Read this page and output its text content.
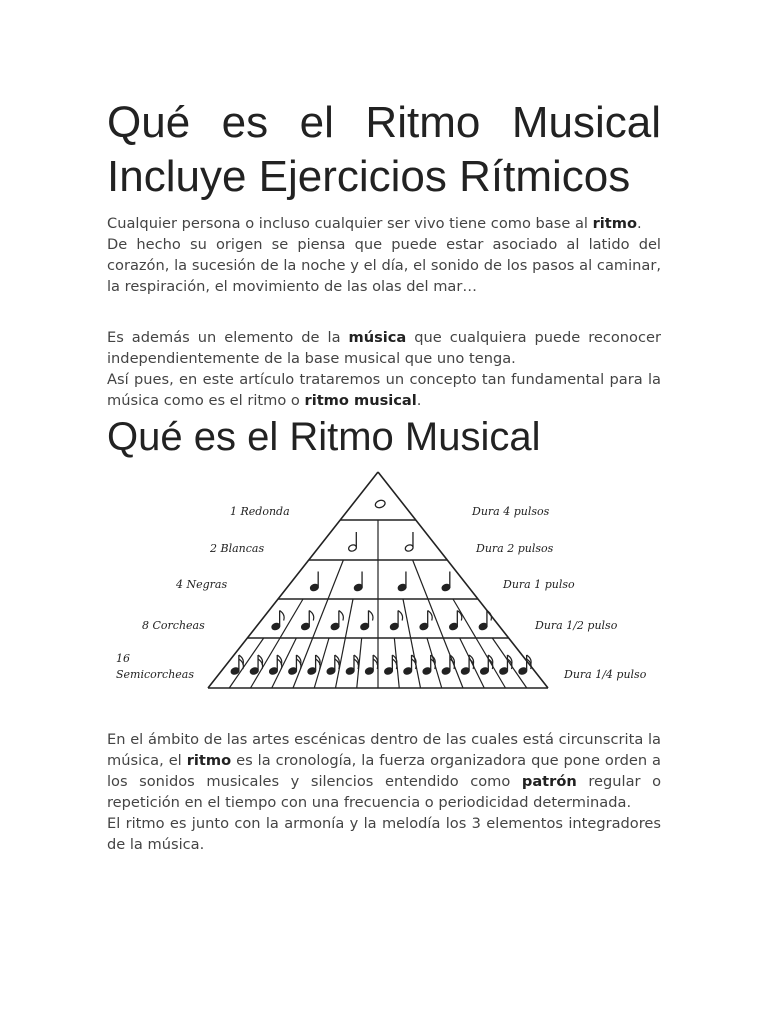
Qué es el Ritmo Musical
Incluye Ejercicios Rítmicos

Cualquier persona o incluso cualquier ser vivo tiene como base al ritmo.
De hecho su origen se piensa que puede estar asociado al latido del corazón, la sucesión de la noche y el día, el sonido de los pasos al caminar, la respiración, el movimiento de las olas del mar…

Es además un elemento de la música que cualquiera puede reconocer independientemente de la base musical que uno tenga.
Así pues, en este artículo trataremos un concepto tan fundamental para la música como es el ritmo o ritmo musical.

Qué es el Ritmo Musical

En el ámbito de las artes escénicas dentro de las cuales está circunscrita la música, el ritmo es la cronología, la fuerza organizadora que pone orden a los sonidos musicales y silencios entendido como patrón regular o repetición en el tiempo con una frecuencia o periodicidad determinada.
El ritmo es junto con la armonía y la melodía los 3 elementos integradores de la música.

1 Redonda
2 Blancas
4 Negras
8 Corcheas
16
Semicorcheas
Dura 4 pulsos
Dura 2 pulsos
Dura 1 pulso
Dura 1/2 pulso
Dura 1/4 pulso
